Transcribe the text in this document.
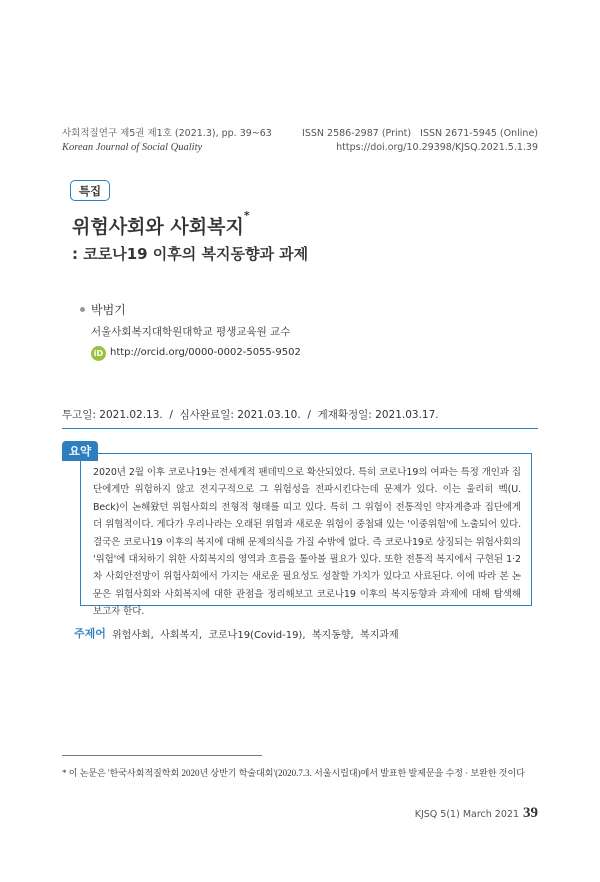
사회적질연구 제5권 제1호 (2021.3), pp. 39~63
Korean Journal of Social Quality
ISSN 2586-2987 (Print)   ISSN 2671-5945 (Online)
https://doi.org/10.29398/KJSQ.2021.5.1.39
특집
위험사회와 사회복지*
: 코로나19 이후의 복지동향과 과제
박범기
서울사회복지대학원대학교 평생교육원 교수
iD http://orcid.org/0000-0002-5055-9502
투고일: 2021.02.13.  /  심사완료일: 2021.03.10.  /  게재확정일: 2021.03.17.
요약
2020년 2월 이후 코로나19는 전세계적 팬데믹으로 확산되었다. 특히 코로나19의 여파는 특정 개인과 집단에게만 위험하지 않고 전지구적으로 그 위험성을 전파시킨다는데 문제가 있다. 이는 울리히 벡(U. Beck)이 논해왔던 위험사회의 전형적 형태를 띠고 있다. 특히 그 위험이 전통적인 약자계층과 집단에게 더 위협적이다. 게다가 우리나라는 오래된 위험과 새로운 위험이 중첩돼 있는 '이중위험'에 노출되어 있다. 결국은 코로나19 이후의 복지에 대해 문제의식을 가질 수밖에 없다. 즉 코로나19로 상징되는 위험사회의 '위험'에 대처하기 위한 사회복지의 영역과 흐름을 톺아볼 필요가 있다. 또한 전통적 복지에서 구현된 1·2차 사회안전망이 위험사회에서 가지는 새로운 필요성도 성찰할 가치가 있다고 사료된다. 이에 따라 본 논문은 위험사회와 사회복지에 대한 관점을 정리해보고 코로나19 이후의 복지동향과 과제에 대해 탐색해 보고자 한다.
주제어 위험사회,  사회복지,  코로나19(Covid-19),  복지동향,  복지과제
* 이 논문은 '한국사회적질학회 2020년 상반기 학술대회'(2020.7.3. 서울시립대)에서 발표한 발제문을 수정 · 보완한 것이다
KJSQ 5(1) March 2021 39
